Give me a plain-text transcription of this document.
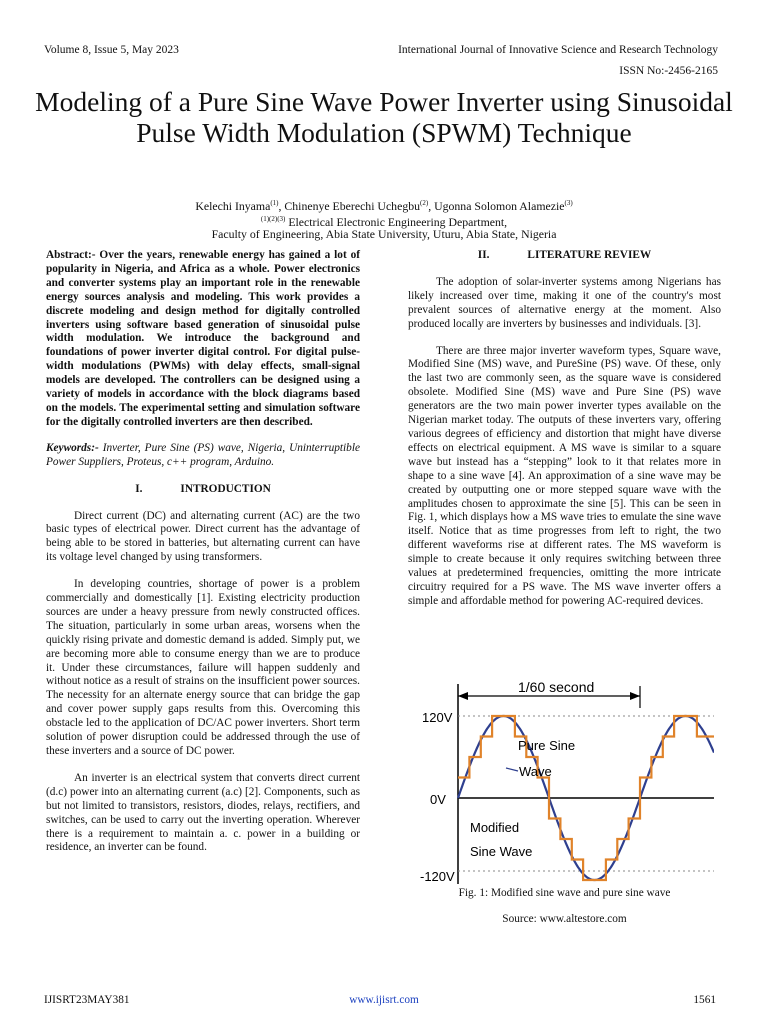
Volume 8, Issue 5, May 2023	International Journal of Innovative Science and Research Technology
ISSN No:-2456-2165
Modeling of a Pure Sine Wave Power Inverter using Sinusoidal Pulse Width Modulation (SPWM) Technique
Kelechi Inyama$^{(1)}$, Chinenye Eberechi Uchegbu$^{(2)}$, Ugonna Solomon Alamezie$^{(3)}$
$^{(1)(2)(3)}$ Electrical Electronic Engineering Department,
Faculty of Engineering, Abia State University, Uturu, Abia State, Nigeria

Abstract:- Over the years, renewable energy has gained a lot of popularity in Nigeria, and Africa as a whole. Power electronics and converter systems play an important role in the renewable energy sources analysis and modeling. This work provides a discrete modeling and design method for digitally controlled inverters using software based generation of sinusoidal pulse width modulation. We introduce the background and foundations of power inverter digital control. For digital pulse-width modulations (PWMs) with delay effects, small-signal models are developed. The controllers can be designed using a variety of models in accordance with the block diagrams based on the models. The experimental setting and simulation software for the digitally controlled inverters are then described.

Keywords:- Inverter, Pure Sine (PS) wave, Nigeria, Uninterruptible Power Suppliers, Proteus, c++ program, Arduino.

I.	INTRODUCTION

Direct current (DC) and alternating current (AC) are the two basic types of electrical power. Direct current has the advantage of being able to be stored in batteries, but alternating current can have its voltage level changed by using transformers.

In developing countries, shortage of power is a problem commercially and domestically [1]. Existing electricity production sources are under a heavy pressure from newly constructed offices. The situation, particularly in some urban areas, worsens when the quickly rising private and domestic demand is added. Simply put, we are becoming more able to consume energy than we are to produce it. Under these circumstances, failure will happen suddenly and without notice as a result of strains on the insufficient power sources. The necessity for an alternate energy source that can bridge the gap and cover power supply gaps results from this. Overcoming this obstacle led to the application of DC/AC power inverters. Short term solution of power disruption could be addressed through the use of these inverters and a source of DC power.

An inverter is an electrical system that converts direct current (d.c) power into an alternating current (a.c) [2]. Components, such as but not limited to transistors, resistors, diodes, relays, rectifiers, and switches, can be used to carry out the inverting operation. Wherever there is a requirement to maintain a. c. power in a building or residence, an inverter can be found.

II.	LITERATURE REVIEW

The adoption of solar-inverter systems among Nigerians has likely increased over time, making it one of the country's most prevalent sources of alternative energy at the moment. Also produced locally are inverters by businesses and individuals. [3].

There are three major inverter waveform types, Square wave, Modified Sine (MS) wave, and PureSine (PS) wave. Of these, only the last two are commonly seen, as the square wave is considered obsolete. Modified Sine (MS) wave and Pure Sine (PS) wave generators are the two main power inverter types available on the Nigerian market today. The outputs of these inverters vary, offering various degrees of efficiency and distortion that might have diverse effects on electrical equipment. A MS wave is similar to a square wave but instead has a “stepping” look to it that relates more in shape to a sine wave [4]. An approximation of a sine wave may be created by outputting one or more stepped square wave with the amplitudes chosen to approximate the sine [5]. This can be seen in Fig. 1, which displays how a MS wave tries to emulate the sine wave itself. Notice that as time progresses from left to right, the two different waveforms rise at different rates. The MS waveform is simple to create because it only requires switching between three values at predetermined frequencies, omitting the more intricate circuitry required for a PS wave. The MS wave inverter offers a simple and affordable method for powering AC-required devices.

1/60 second
120V
0V
-120V
Pure Sine
Wave
Modified
Sine Wave
Fig. 1: Modified sine wave and pure sine wave
Source: www.altestore.com
IJISRT23MAY381	www.ijisrt.com	1561
